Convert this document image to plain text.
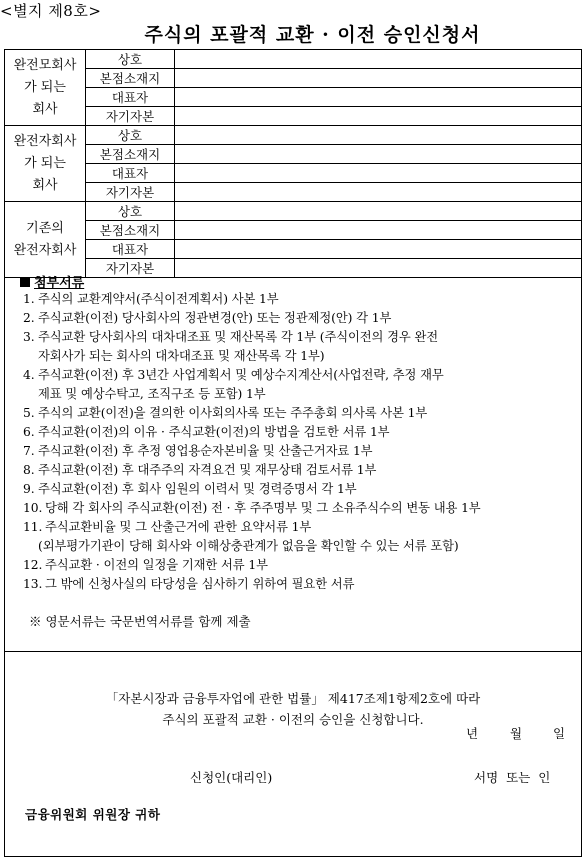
<별지 제8호>
주식의 포괄적 교환 · 이전 승인신청서
완전모회사
가 되는
회사	상호	
	본점소재지	
	대표자	
	자기자본	

완전자회사
가 되는
회사	상호	
	본점소재지	
	대표자	
	자기자본	

기존의
완전자회사	상호	
	본점소재지	
	대표자	
	자기자본	
첨부서류
1. 주식의 교환계약서(주식이전계획서) 사본 1부
2. 주식교환(이전) 당사회사의 정관변경(안) 또는 정관제정(안) 각 1부
3. 주식교환 당사회사의 대차대조표 및 재산목록 각 1부 (주식이전의 경우 완전
자회사가 되는 회사의 대차대조표 및 재산목록 각 1부)
4. 주식교환(이전) 후 3년간 사업계획서 및 예상수지계산서(사업전략, 추정 재무
제표 및 예상수탁고, 조직구조 등 포함) 1부
5. 주식의 교환(이전)을 결의한 이사회의사록 또는 주주총회 의사록 사본 1부
6. 주식교환(이전)의 이유 · 주식교환(이전)의 방법을 검토한 서류 1부
7. 주식교환(이전) 후 추정 영업용순자본비율 및 산출근거자료 1부
8. 주식교환(이전) 후 대주주의 자격요건 및 재무상태 검토서류 1부
9. 주식교환(이전) 후 회사 임원의 이력서 및 경력증명서 각 1부
10. 당해 각 회사의 주식교환(이전) 전 · 후 주주명부 및 그 소유주식수의 변동 내용 1부
11. 주식교환비율 및 그 산출근거에 관한 요약서류 1부
(외부평가기관이 당해 회사와 이해상충관계가 없음을 확인할 수 있는 서류 포함)
12. 주식교환 · 이전의 일정을 기재한 서류 1부
13. 그 밖에 신청사실의 타당성을 심사하기 위하여 필요한 서류
※ 영문서류는 국문번역서류를 함께 제출
「자본시장과 금융투자업에 관한 법률」 제417조제1항제2호에 따라
주식의 포괄적 교환 · 이전의 승인을 신청합니다.
년	월 일
신청인(대리인)	서명 또는 인
금융위원회 위원장 귀하
